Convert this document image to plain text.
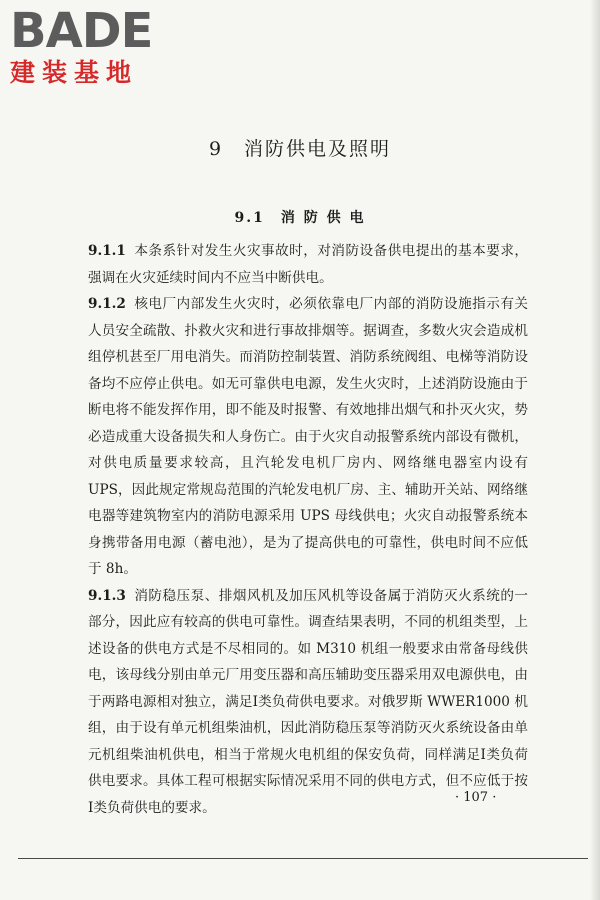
BADE
建装基地
9　消防供电及照明
9.1　消 防 供 电

9.1.1 本条系针对发生火灾事故时，对消防设备供电提出的基本要求，强调在火灾延续时间内不应当中断供电。

9.1.2 核电厂内部发生火灾时，必须依靠电厂内部的消防设施指示有关人员安全疏散、扑救火灾和进行事故排烟等。据调查，多数火灾会造成机组停机甚至厂用电消失。而消防控制装置、消防系统阀组、电梯等消防设备均不应停止供电。如无可靠供电电源，发生火灾时，上述消防设施由于断电将不能发挥作用，即不能及时报警、有效地排出烟气和扑灭火灾，势必造成重大设备损失和人身伤亡。由于火灾自动报警系统内部设有微机，对供电质量要求较高，且汽轮发电机厂房内、网络继电器室内设有 UPS，因此规定常规岛范围的汽轮发电机厂房、主、辅助开关站、网络继电器等建筑物室内的消防电源采用 UPS 母线供电；火灾自动报警系统本身携带备用电源（蓄电池），是为了提高供电的可靠性，供电时间不应低于 8h。

9.1.3 消防稳压泵、排烟风机及加压风机等设备属于消防灭火系统的一部分，因此应有较高的供电可靠性。调查结果表明，不同的机组类型，上述设备的供电方式是不尽相同的。如 M310 机组一般要求由常备母线供电，该母线分别由单元厂用变压器和高压辅助变压器采用双电源供电，由于两路电源相对独立，满足Ⅰ类负荷供电要求。对俄罗斯 WWER1000 机组，由于设有单元机组柴油机，因此消防稳压泵等消防灭火系统设备由单元机组柴油机供电，相当于常规火电机组的保安负荷，同样满足Ⅰ类负荷供电要求。具体工程可根据实际情况采用不同的供电方式，但不应低于按Ⅰ类负荷供电的要求。

· 107 ·
